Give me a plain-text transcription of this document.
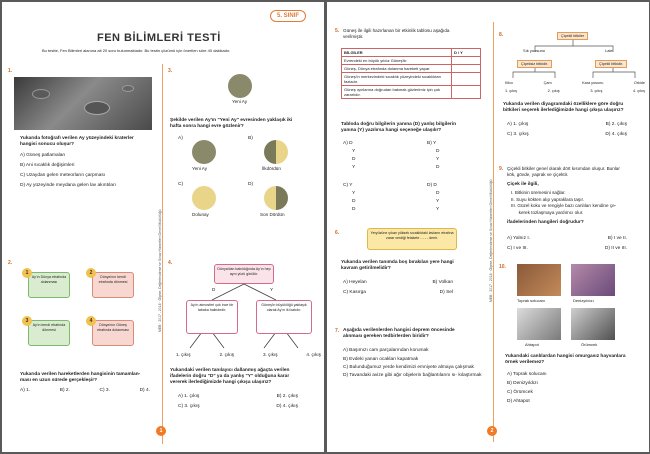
5. SINIF
FEN BİLİMLERİ TESTİ
Bu testte, Fen Bilimleri alanına ait 20 soru bulunmaktadır. Bu testin çözümü için önerilen süre 40 dakikadır.
MEB · 2017 - 2018 · Ölçme, Değerlendirme ve Sınav Hizmetleri Genel Müdürlüğü
1.
Yukarıda fotoğrafı verilen Ay yüzeyindeki kraterler
hangisi sonucu oluşur?
A) Güneş patlamaları
B) Ani sıcaklık değişimleri
C) Uzaydan gelen meteorların çarpması
D) Ay yüzeyinde meydana gelen lav akıntıları
2.
Ay'ın Dünya etrafında dolanması
Dünya'nın kendi etrafında dönmesi
Ay'ın kendi etrafında dönmesi
Dünya'nın Güneş etrafında dolanması
1	2
3	4
Yukarıda verilen hareketlerden hangisinin tamamlan-
ması en uzun sürede gerçekleşir?
A) 1.	B) 2.	C) 3.	D) 4.
3.
Yeni Ay
Şekilde verilen Ay'ın "Yeni Ay" evresinden yaklaşık iki
hafta sonra hangi evre gözlenir?
A)
Yeni Ay
B)
İlkdördün
C)
Dolunay
D)
Son Dördün
4.
Dünya'dan bakıldığında Ay'ın hep aynı yüzü görülür.
D	Y
Ay'ın atmosferi çok ince bir tabaka halindedir.
Güneş'in büyüklüğü yaklaşık olarak Ay'ın iki katıdır.
1. çıkış	2. çıkış	3. çıkış	4. çıkış
Yukarıdaki verilen tanılayıcı dallanmış ağaçta verilen
ifadelerin doğru "D" ya da yanlış "Y" olduğuna karar
vererek ilerlediğimizde hangi çıkışa ulaşırız?
A) 1. çıkış	B) 2. çıkış
C) 3. çıkış	D) 4. çıkış
1
MEB · 2017 - 2018 · Ölçme, Değerlendirme ve Sınav Hizmetleri Genel Müdürlüğü
5. Güneş ile ilgili hazırlanan bir etkinlik tablosu aşağıda
verilmiştir.
BİLGİLER	D / Y
Evrendeki en büyük yıldız Güneş'tir.	
Güneş, Dünya etrafında dolanma hareketi yapar.	
Güneş'in merkezindeki sıcaklık yüzeyindeki sıcaklıktan fazladır.	
Güneş ışınlarına doğrudan bakmak gözlerimiz için çok zararlıdır.	
Tabloda doğru bilgilerin yanına (D) yanlış bilgilerin
yanına (Y) yazılırsa hangi seçeneğe ulaşılır?
A) D
Y
D
Y
B) Y
D
Y
D
C) Y
Y
D
D
D) D
D
Y
Y
6.	Yeryüzüne çıkan yüksek sıcaklıktaki lavların etrafına zarar verdiği felakete - - - - denir.
Yukarıda verilen tanımda boş bırakılan yere hangi
kavram getirilmelidir?
A) Heyelan	B) Volkan
C) Kasırga	D) Sel
7. Aşağıda verilenlerden hangisi deprem öncesinde
alınması gereken tedbirlerden biridir?
A) Başımızı cam parçalarından korumak
B) Evdeki yanan ocakları kapatmak
C) Bulunduğumuz yerde kendimizi emniyete almaya çalışmak
D) Tavandaki avize gibi ağır objelerin bağlantılarını sı- kılaştırmak
8.	Çiçekli bitkiler
Sık yoosunu	Lale
Çiçeksiz bitkidir.	Çiçekli bitkidir.
Kilıcı	Çam	Kara yosunu	Orkide
1. çıkış	2. çıkış	3. çıkış	4. çıkış
Yukarıda verilen diyagramdaki özelliklere göre doğru
bitkileri seçerek ilerlediğimizde hangi çıkışa ulaşırız?
A) 1. çıkış	B) 2. çıkış
C) 3. çıkış	D) 4. çıkış
9. Çiçekli bitkiler genel olarak dört kısımdan oluşur. Bunlar
kök, gövde, yaprak ve çiçektir.
Çiçek ile ilgili,
I. Bitkinin üremesini sağlar.
II. Suyu kökten alıp yapraklara taşır.
III. Güzel koku ve rengiyle bazı canlıları kendine çe-
kerek tozlaşmaya yardımcı olur.
ifadelerinden hangileri doğrudur?
A) Yalnız I.	B) I ve II.
C) I ve III.	D) II ve III.
10.
Toprak solucanı	Denizyıldızı
Ahtapot	Örümcek
Yukarıdaki canlılardan hangisi omurgasız hayvanlara
örnek verilemez?
A) Toprak solucanı
B) Denizyıldızı
C) Örümcek
D) Ahtapot
2
